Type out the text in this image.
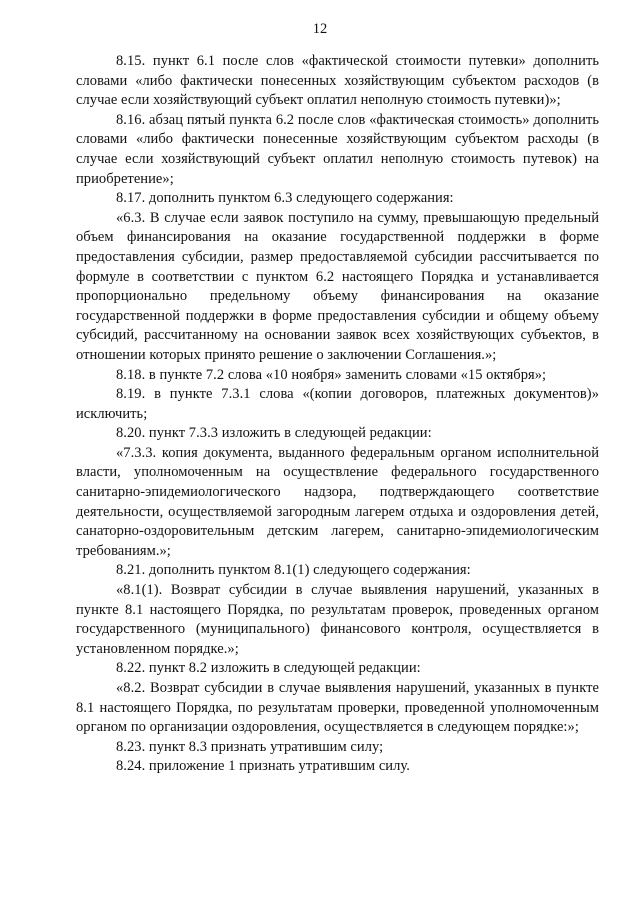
12

8.15. пункт 6.1 после слов «фактической стоимости путевки» дополнить словами «либо фактически понесенных хозяйствующим субъектом расходов (в случае если хозяйствующий субъект оплатил неполную стоимость путевки)»;

8.16. абзац пятый пункта 6.2 после слов «фактическая стоимость» дополнить словами «либо фактически понесенные хозяйствующим субъектом расходы (в случае если хозяйствующий субъект оплатил неполную стоимость путевок) на приобретение»;

8.17. дополнить пунктом 6.3 следующего содержания:

«6.3. В случае если заявок поступило на сумму, превышающую предельный объем финансирования на оказание государственной поддержки в форме предоставления субсидии, размер предоставляемой субсидии рассчитывается по формуле в соответствии с пунктом 6.2 настоящего Порядка и устанавливается пропорционально предельному объему финансирования на оказание государственной поддержки в форме предоставления субсидии и общему объему субсидий, рассчитанному на основании заявок всех хозяйствующих субъектов, в отношении которых принято решение о заключении Соглашения.»;

8.18. в пункте 7.2 слова «10 ноября» заменить словами «15 октября»;

8.19. в пункте 7.3.1 слова «(копии договоров, платежных документов)» исключить;

8.20. пункт 7.3.3 изложить в следующей редакции:

«7.3.3. копия документа, выданного федеральным органом исполнительной власти, уполномоченным на осуществление федерального государственного санитарно-эпидемиологического надзора, подтверждающего соответствие деятельности, осуществляемой загородным лагерем отдыха и оздоровления детей, санаторно-оздоровительным детским лагерем, санитарно-эпидемиологическим требованиям.»;

8.21. дополнить пунктом 8.1(1) следующего содержания:

«8.1(1). Возврат субсидии в случае выявления нарушений, указанных в пункте 8.1 настоящего Порядка, по результатам проверок, проведенных органом государственного (муниципального) финансового контроля, осуществляется в установленном порядке.»;

8.22. пункт 8.2 изложить в следующей редакции:

«8.2. Возврат субсидии в случае выявления нарушений, указанных в пункте 8.1 настоящего Порядка, по результатам проверки, проведенной уполномоченным органом по организации оздоровления, осуществляется в следующем порядке:»;

8.23. пункт 8.3 признать утратившим силу;

8.24. приложение 1 признать утратившим силу.
